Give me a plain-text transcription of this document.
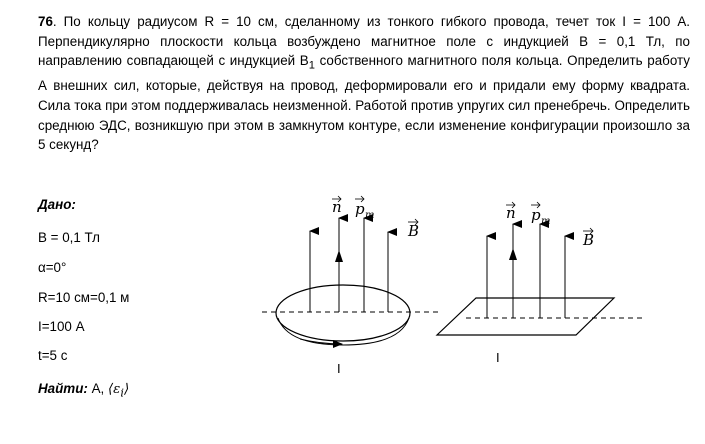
76. По кольцу радиусом R = 10 см, сделанному из тонкого гибкого провода, течет ток I = 100 А. Перпендикулярно плоскости кольца возбуждено магнитное поле с индукцией B = 0,1 Тл, по направлению совпадающей с индукцией $B_1$ собственного магнитного поля кольца. Определить работу А внешних сил, которые, действуя на провод, деформировали его и придали ему форму квадрата. Сила тока при этом поддерживалась неизменной. Работой против упругих сил пренебречь. Определить среднюю ЭДС, возникшую при этом в замкнутом контуре, если изменение конфигурации произошло за 5 секунд?
Дано:
B = 0,1 Тл
α=0°
R=10 см=0,1 м
I=100 А
t=5 с
Найти: А, $⟨\varepsilon_i⟩$
n p m
B
I
n p m
B
I
